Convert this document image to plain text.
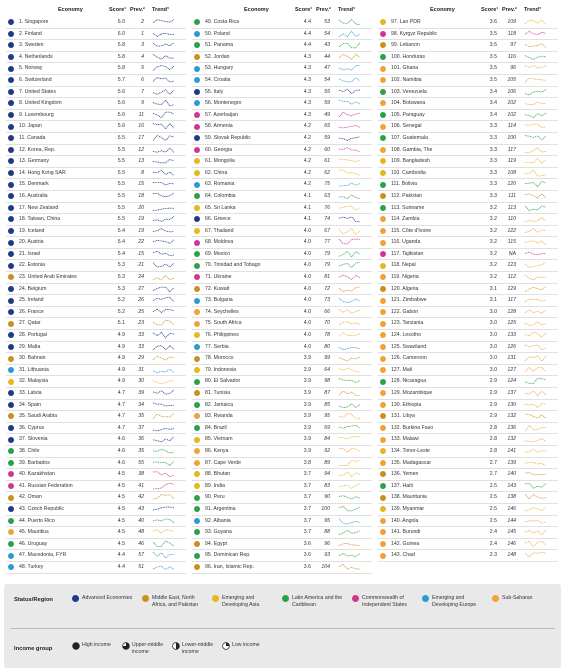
Economy	Score¹ Prev.² Trend³
1. Singapore	6.0	2
2. Finland	6.0	1
3. Sweden	5.8	3
4. Netherlands	5.8	4
5. Norway	5.8	5
6. Switzerland	5.7	6
7. United States	5.6	7
8. United Kingdom	5.6	9
9. Luxembourg	5.6	11
10. Japan	5.6	16
11. Canada	5.5	17
12. Korea, Rep.	5.5	12
13. Germany	5.5	13
14. Hong Kong SAR	5.5	8
15. Denmark	5.5	15
16. Australia	5.5	18
17. New Zealand	5.5	20
18. Taiwan, China	5.5	19
19. Iceland	5.4	19
20. Austria	5.4	22
21. Israel	5.4	15
22. Estonia	5.3	21
23. United Arab Emirates	5.3	24
24. Belgium	5.3	27
25. Ireland	5.2	26
26. France	5.2	25
27. Qatar	5.1	23
28. Portugal	4.9	33
29. Malta	4.9	33
30. Bahrain	4.9	29
31. Lithuania	4.9	31
32. Malaysia	4.9	30
33. Latvia	4.7	39
34. Spain	4.7	34
35. Saudi Arabia	4.7	35
36. Cyprus	4.7	37
37. Slovenia	4.6	36
38. Chile	4.6	35
39. Barbados	4.6	55
40. Kazakhstan	4.5	38
41. Russian Federation	4.5	41
42. Oman	4.5	42
43. Czech Republic	4.5	43
44. Puerto Rico	4.5	40
45. Mauritius	4.5	48
46. Uruguay	4.5	46
47. Macedonia, FYR	4.4	57
48. Turkey	4.4	51
Economy	Score¹ Prev.² Trend³
49. Costa Rica	4.4	53
50. Poland	4.4	54
51. Panama	4.4	43
52. Jordan	4.3	44
53. Hungary	4.3	47
54. Croatia	4.3	54
55. Italy	4.3	55
56. Montenegro	4.3	59
57. Azerbaijan	4.3	49
58. Armenia	4.2	65
59. Slovak Republic	4.2	59
60. Georgia	4.2	60
61. Mongolia	4.2	61
62. China	4.2	62
63. Romania	4.2	75
64. Colombia	4.1	63
65. Sri Lanka	4.1	76
66. Greece	4.1	74
67. Thailand	4.0	67
68. Moldova	4.0	77
69. Mexico	4.0	79
70. Trinidad and Tobago	4.0	79
71. Ukraine	4.0	81
72. Kuwait	4.0	72
73. Bulgaria	4.0	73
74. Seychelles	4.0	66
75. South Africa	4.0	70
76. Philippines	4.0	78
77. Serbia	4.0	80
78. Morocco	3.9	99
79. Indonesia	3.9	64
80. El Salvador	3.9	98
81. Tunisia	3.9	87
82. Jamaica	3.9	85
83. Rwanda	3.9	95
84. Brazil	3.9	69
85. Vietnam	3.9	84
86. Kenya	3.9	92
87. Cape Verde	3.8	89
88. Bhutan	3.7	94
89. India	3.7	83
90. Peru	3.7	90
91. Argentina	3.7	100
92. Albania	3.7	95
93. Guyana	3.7	88
94. Egypt	3.6	96
95. Dominican Rep.	3.6	93
96. Iran, Islamic Rep.	3.6	104
Economy	Score¹ Prev.² Trend³
97. Lao PDR	3.6	109
98. Kyrgyz Republic	3.5	118
99. Lebanon	3.5	97
100. Honduras	3.5	116
101. Ghana	3.5	96
102. Namibia	3.5	105
103. Venezuela	3.4	106
104. Botswana	3.4	102
105. Paraguay	3.4	102
106. Senegal	3.3	114
107. Guatemala	3.3	100
108. Gambia, The	3.3	117
109. Bangladesh	3.3	119
110. Cambodia	3.3	108
111. Bolivia	3.3	120
112. Pakistan	3.3	111
113. Suriname	3.2	113
114. Zambia	3.2	110
115. Côte d'Ivoire	3.2	122
116. Uganda	3.2	115
117. Tajikistan	3.2	NA
118. Nepal	3.2	123
119. Nigeria	3.2	112
120. Algeria	3.1	129
121. Zimbabwe	3.1	117
122. Gabon	3.0	128
123. Tanzania	3.0	125
124. Lesotho	3.0	133
125. Swaziland	3.0	126
126. Cameroon	3.0	131
127. Mali	3.0	127
128. Nicaragua	2.9	124
129. Mozambique	2.9	137
130. Ethiopia	2.9	130
131. Libya	2.9	132
132. Burkina Faso	2.8	136
133. Malawi	2.8	132
134. Timor-Leste	2.8	141
135. Madagascar	2.7	139
136. Yemen	2.7	140
137. Haiti	2.5	143
138. Mauritania	2.5	138
139. Myanmar	2.5	146
140. Angola	2.5	144
141. Burundi	2.4	145
142. Guinea	2.4	146
143. Chad	2.3	148
Status/Region	Advanced Economies	Middle East, North Africa, and Pakistan
Emerging and Developing Asia
Latin America and the Caribbean
Commonwealth of Independent States
Emerging and Developing Europe
Sub-Saharan
Income group
High income	Upper-middle income
Lower-middle income
Low income
